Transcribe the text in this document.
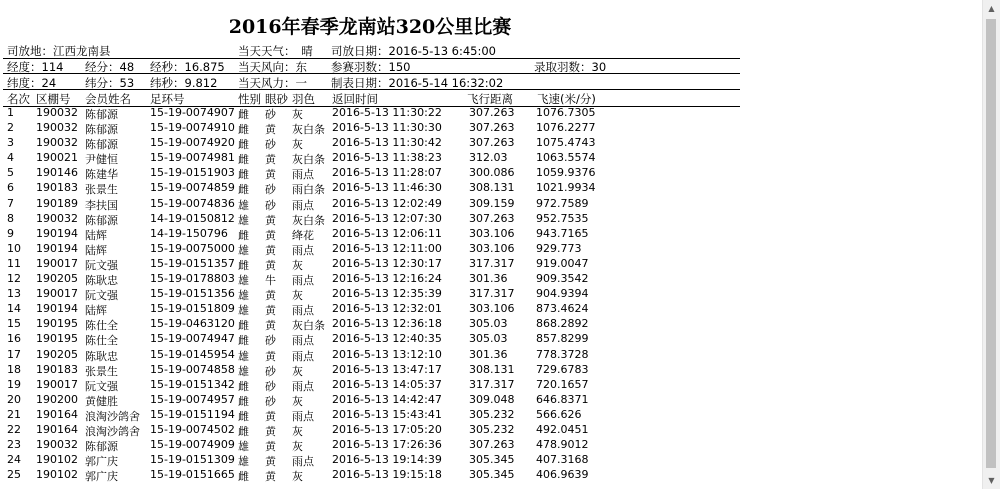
2016年春季龙南站320公里比赛
司放地：江西龙南县	当天天气：　晴 司放日期：2016-5-13 6:45:00
经度：114 经分：48 经秒：16.875 当天风向：东 参赛羽数：150	录取羽数：30
纬度：24	纬分：53 纬秒：9.812 当天风力：一 制表日期：2016-5-14 16:32:02
名次 区棚号 会员姓名 足环号	性别 眼砂 羽色 返回时间	飞行距离 飞速(米/分)
1 190032 陈郁源	15-19-0074907 雌 砂 灰	2016-5-13 11:30:22 307.263 1076.7305
2 190032 陈郁源	15-19-0074910 雌 黄 灰白条 2016-5-13 11:30:30 307.263 1076.2277
3 190032 陈郁源	15-19-0074920 雌 砂 灰	2016-5-13 11:30:42 307.263 1075.4743
4 190021 尹健恒	15-19-0074981 雌 黄 灰白条 2016-5-13 11:38:23 312.03	1063.5574
5 190146 陈建华	15-19-0151903 雌 黄 雨点 2016-5-13 11:28:07 300.086 1059.9376
6 190183 张景生	15-19-0074859 雌 砂 雨白条 2016-5-13 11:46:30 308.131 1021.9934
7 190189 李扶国	15-19-0074836 雄 砂 雨点 2016-5-13 12:02:49 309.159 972.7589
8 190032 陈郁源	14-19-0150812 雄 黄 灰白条 2016-5-13 12:07:30 307.263 952.7535
9 190194 陆辉	14-19-150796 雌 黄 绛花 2016-5-13 12:06:11 303.106 943.7165
10 190194 陆辉	15-19-0075000 雄 黄 雨点 2016-5-13 12:11:00 303.106 929.773
11 190017 阮文强	15-19-0151357 雌 黄 灰	2016-5-13 12:30:17 317.317 919.0047
12 190205 陈耿忠	15-19-0178803 雄 牛 雨点 2016-5-13 12:16:24 301.36	909.3542
13 190017 阮文强	15-19-0151356 雄 黄 灰	2016-5-13 12:35:39 317.317 904.9394
14 190194 陆辉	15-19-0151809 雄 黄 雨点 2016-5-13 12:32:01 303.106 873.4624
15 190195 陈仕全	15-19-0463120 雌 黄 灰白条 2016-5-13 12:36:18 305.03	868.2892
16 190195 陈仕全	15-19-0074947 雌 砂 雨点 2016-5-13 12:40:35 305.03	857.8299
17 190205 陈耿忠	15-19-0145954 雄 黄 雨点 2016-5-13 13:12:10 301.36	778.3728
18 190183 张景生	15-19-0074858 雄 砂 灰	2016-5-13 13:47:17 308.131 729.6783
19 190017 阮文强	15-19-0151342 雌 砂 雨点 2016-5-13 14:05:37 317.317 720.1657
20 190200 黄健胜	15-19-0074957 雌 砂 灰	2016-5-13 14:42:47 309.048 646.8371
21 190164 浪淘沙鸽舍 15-19-0151194 雌 黄 雨点 2016-5-13 15:43:41 305.232 566.626
22 190164 浪淘沙鸽舍 15-19-0074502 雌 黄 灰	2016-5-13 17:05:20 305.232 492.0451
23 190032 陈郁源	15-19-0074909 雄 黄 灰	2016-5-13 17:26:36 307.263 478.9012
24 190102 郭广庆	15-19-0151309 雄 黄 雨点 2016-5-13 19:14:39 305.345 407.3168
25 190102 郭广庆	15-19-0151665 雌 黄 灰	2016-5-13 19:15:18 305.345 406.9639
▲
▼
